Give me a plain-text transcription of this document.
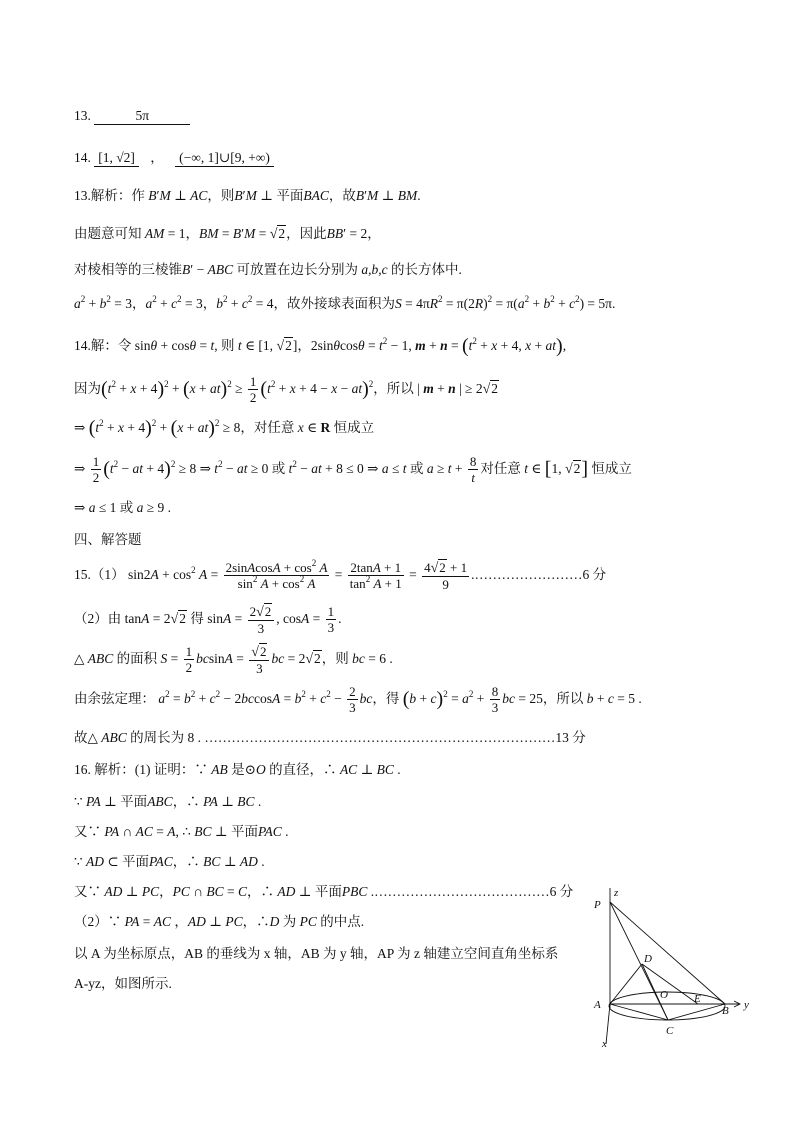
13.	5π
14. [1, √2] ， (−∞, 1]∪[9, +∞)
13.解析：作 B′M ⊥ AC，则B′M ⊥ 平面BAC，故B′M ⊥ BM.
由题意可知 AM = 1，BM = B′M = √2，因此BB′ = 2，
对棱相等的三棱锥B′ − ABC 可放置在边长分别为 a,b,c 的长方体中.
$a^2 + b^2 = 3$，$a^2 + c^2 = 3$，$b^2 + c^2 = 4$，故外接球表面积为$S = 4\pi R^2 = \pi(2R)^2 = \pi(a^2 + b^2 + c^2) = 5\pi$.
14.解：令 sinθ + cosθ = t, 则 t ∈ [1, √2]，$2\sin\theta\cos\theta = t^2 - 1$, $m + n = (t^2 + x + 4$, x + at),
因为$(t^2 + x + 4)^2 + (x + at)^2 \ge \frac{1}{2} (t^2 + x + 4 - x - at)^2$，所以 | m + n | ≥ 2√2
⇒ $(t^2 + x + 4)^2 + (x + at)^2 \ge 8$，对任意 x ∈ R 恒成立
⇒ $\frac{1}{2} (t^2$ − at + 4)$^2$ ≥ 8 ⇒ $t^2$ − at ≥ 0 或 $t^2$ − at + 8 ≤ 0 ⇒ a ≤ t 或 $a \ge t + \frac{8}{t}$ 对任意 t ∈ [1, √2] 恒成立
⇒ a ≤ 1 或 a ≥ 9 .
四、解答题
15.（1） $\sin 2A + \cos^2 A = \frac{2sinAcosA + \cos^2 A}{\sin^2 A + \cos^2 A} = \frac{2\tan A + 1}{\tan^2 A + 1} = \frac{4√2 + 1}{9}$ .……………………6 分
（2）由 tanA = 2√2 得 $\sin A = \frac{2√2}{3}$ , $\cos A = \frac{1}{3}$ .
△ ABC 的面积 $S = \frac{1}{2}$ $bcsinA = \frac{√2}{3}$ bc = 2√2，则 bc = 6 .
由余弦定理： $a^2 = b^2 + c^2 - 2bccosA = b^2 + c^2 - \frac{2}{3}$ bc，得 $(b + c)^2 = a^2 + \frac{8}{3}$ bc = 25，所以 b + c = 5 .
故△ ABC 的周长为 8 . ……………………………………………………………………13 分
16. 解析：(1) 证明：∵ AB 是⊙O 的直径，∴ AC ⊥ BC .
∵ PA ⊥ 平面ABC，∴ PA ⊥ BC .
又∵ PA ∩ AC = A, ∴ BC ⊥ 平面PAC .
∵ AD ⊂ 平面PAC，∴ BC ⊥ AD .
又∵ AD ⊥ PC，PC ∩ BC = C，∴ AD ⊥ 平面PBC .…………………………………6 分
（2）∵ PA = AC ，AD ⊥ PC，∴D 为 PC 的中点.
以 A 为坐标原点，AB 的垂线为 x 轴，AB 为 y 轴，AP 为 z 轴建立空间直角坐标系
A-yz，如图所示.
z
P
D
O E
A	B y
C
x
